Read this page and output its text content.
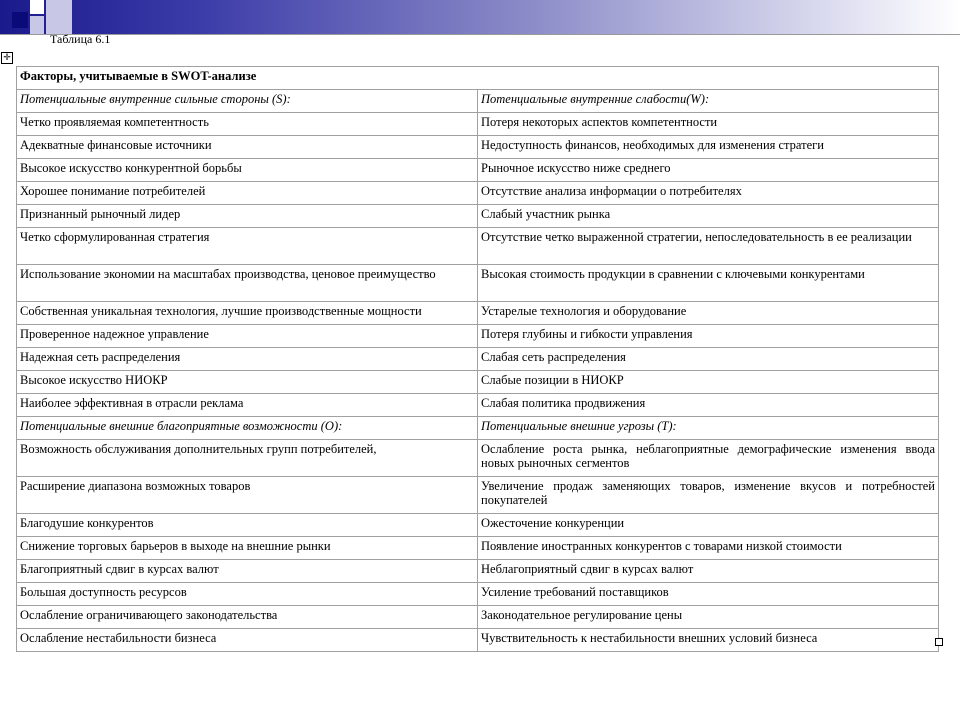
Таблица 6.1
✛
Факторы, учитываемые в SWOT-анализе	
Потенциальные внутренние сильные стороны (S):	Потенциальные внутренние слабости(W):
Четко проявляемая компетентность	Потеря некоторых аспектов компетентности
Адекватные финансовые источники	Недоступность финансов, необходимых для изменения стратеги
Высокое искусство конкурентной борьбы	Рыночное искусство ниже среднего
Хорошее понимание потребителей	Отсутствие анализа информации о потребителях
Признанный рыночный лидер	Слабый участник рынка
Четко сформулированная стратегия	Отсутствие четко выраженной стратегии, непоследовательность в ее реализации
Использование экономии на масштабах производства, ценовое преимущество	Высокая стоимость продукции в сравнении с ключевыми конкурентами
Собственная уникальная технология, лучшие производственные мощности	Устарелые технология и оборудование
Проверенное надежное управление	Потеря глубины и гибкости управления
Надежная сеть распределения	Слабая сеть распределения
Высокое искусство НИОКР	Слабые позиции в НИОКР
Наиболее эффективная в отрасли реклама	Слабая политика продвижения
Потенциальные внешние благоприятные возможности (O):	Потенциальные внешние угрозы (T):
Возможность обслуживания дополнительных групп потребителей,	Ослабление роста рынка, неблагоприятные демографические изменения ввода новых рыночных сегментов
Расширение диапазона возможных товаров	Увеличение продаж заменяющих товаров, изменение вкусов и потребностей покупателей
Благодушие конкурентов	Ожесточение конкуренции
Снижение торговых барьеров в выходе на внешние рынки	Появление иностранных конкурентов с товарами низкой стоимости
Благоприятный сдвиг в курсах валют	Неблагоприятный сдвиг в курсах валют
Большая доступность ресурсов	Усиление требований поставщиков
Ослабление ограничивающего законодательства	Законодательное регулирование цены
Ослабление нестабильности бизнеса	Чувствительность к нестабильности внешних условий бизнеса
